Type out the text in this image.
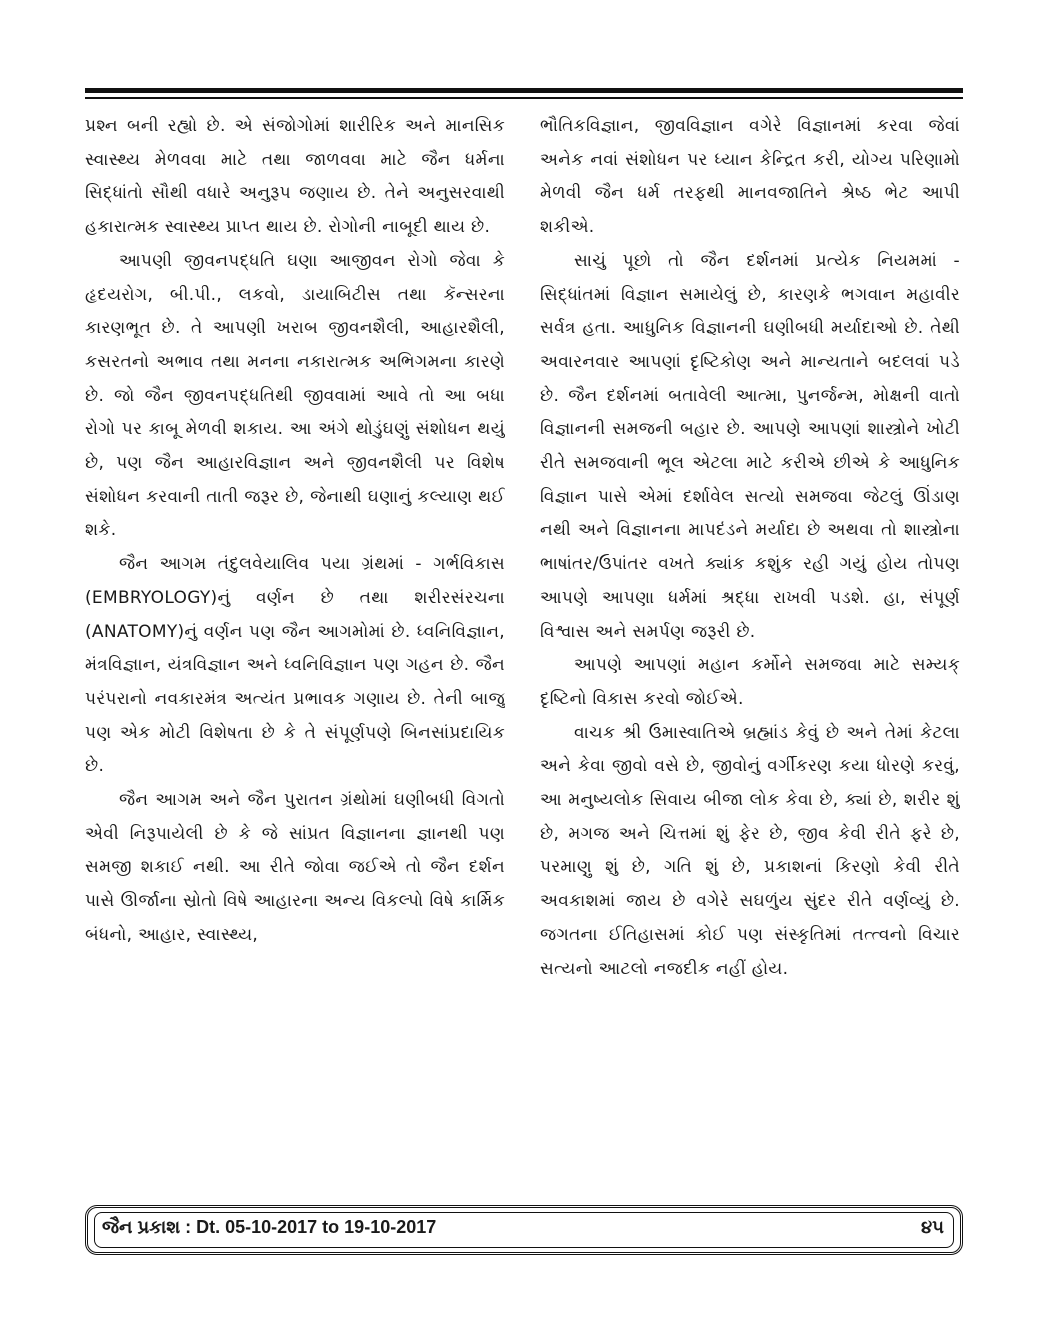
પ્રશ્ન બની રહ્યો છે. એ સંજોગોમાં શારીરિક અને માનસિક સ્વાસ્થ્ય મેળવવા માટે તથા જાળવવા માટે જૈન ધર્મના સિદ્ધાંતો સૌથી વધારે અનુરૂપ જણાય છે. તેને અનુસરવાથી હકારાત્મક સ્વાસ્થ્ય પ્રાપ્ત થાય છે. રોગોની નાબૂદી થાય છે.

આપણી જીવનપદ્ધતિ ઘણા આજીવન રોગો જેવા કે હૃદયરોગ, બી.પી., લકવો, ડાયાબિટીસ તથા કૅન્સરના કારણભૂત છે. તે આપણી ખરાબ જીવનશૈલી, આહારશૈલી, કસરતનો અભાવ તથા મનના નકારાત્મક અભિગમના કારણે છે. જો જૈન જીવનપદ્ધતિથી જીવવામાં આવે તો આ બધા રોગો પર કાબૂ મેળવી શકાય. આ અંગે થોડુંઘણું સંશોધન થયું છે, પણ જૈન આહારવિજ્ઞાન અને જીવનશૈલી પર વિશેષ સંશોધન કરવાની તાતી જરૂર છે, જેનાથી ઘણાનું કલ્યાણ થઈ શકે.

જૈન આગમ તંદુલવેયાલિવ પયા ગ્રંથમાં - ગર્ભવિકાસ (EMBRYOLOGY)નું વર્ણન છે તથા શરીરસંરચના (ANATOMY)નું વર્ણન પણ જૈન આગમોમાં છે. ધ્વનિવિજ્ઞાન, મંત્રવિજ્ઞાન, યંત્રવિજ્ઞાન અને ધ્વનિવિજ્ઞાન પણ ગહન છે. જૈન પરંપરાનો નવકારમંત્ર અત્યંત પ્રભાવક ગણાય છે. તેની બાજુ પણ એક મોટી વિશેષતા છે કે તે સંપૂર્ણપણે બિનસાંપ્રદાયિક છે.

જૈન આગમ અને જૈન પુરાતન ગ્રંથોમાં ઘણીબધી વિગતો એવી નિરૂપાયેલી છે કે જે સાંપ્રત વિજ્ઞાનના જ્ઞાનથી પણ સમજી શકાઈ નથી. આ રીતે જોવા જઈએ તો જૈન દર્શન પાસે ઊર્જાના સ્રોતો વિષે આહારના અન્ય વિકલ્પો વિષે કાર્મિક બંધનો, આહાર, સ્વાસ્થ્ય,

ભૌતિકવિજ્ઞાન, જીવવિજ્ઞાન વગેરે વિજ્ઞાનમાં કરવા જેવાં અનેક નવાં સંશોધન પર ધ્યાન કેન્દ્રિત કરી, યોગ્ય પરિણામો મેળવી જૈન ધર્મ તરફથી માનવજાતિને શ્રેષ્ઠ ભેટ આપી શકીએ.

સાચું પૂછો તો જૈન દર્શનમાં પ્રત્યેક નિયમમાં - સિદ્ધાંતમાં વિજ્ઞાન સમાયેલું છે, કારણકે ભગવાન મહાવીર સર્વત્ર હતા. આધુનિક વિજ્ઞાનની ઘણીબધી મર્યાદાઓ છે. તેથી અવારનવાર આપણાં દૃષ્ટિકોણ અને માન્યતાને બદલવાં પડે છે. જૈન દર્શનમાં બતાવેલી આત્મા, પુનર્જન્મ, મોક્ષની વાતો વિજ્ઞાનની સમજની બહાર છે. આપણે આપણાં શાસ્ત્રોને ખોટી રીતે સમજવાની ભૂલ એટલા માટે કરીએ છીએ કે આધુનિક વિજ્ઞાન પાસે એમાં દર્શાવેલ સત્યો સમજવા જેટલું ઊંડાણ નથી અને વિજ્ઞાનના માપદંડને મર્યાદા છે અથવા તો શાસ્ત્રોના ભાષાંતર/ઉપાંતર વખતે ક્યાંક કશુંક રહી ગયું હોય તોપણ આપણે આપણા ધર્મમાં શ્રદ્ધા રાખવી પડશે. હા, સંપૂર્ણ વિશ્વાસ અને સમર્પણ જરૂરી છે.

આપણે આપણાં મહાન કર્મોને સમજવા માટે સમ્યક્ દૃષ્ટિનો વિકાસ કરવો જોઈએ.

વાચક શ્રી ઉમાસ્વાતિએ બ્રહ્માંડ કેવું છે અને તેમાં કેટલા અને કેવા જીવો વસે છે, જીવોનું વર્ગીકરણ કયા ધોરણે કરવું, આ મનુષ્યલોક સિવાય બીજા લોક કેવા છે, ક્યાં છે, શરીર શું છે, મગજ અને ચિત્તમાં શું ફેર છે, જીવ કેવી રીતે ફરે છે, પરમાણુ શું છે, ગતિ શું છે, પ્રકાશનાં કિરણો કેવી રીતે અવકાશમાં જાય છે વગેરે સઘળુંય સુંદર રીતે વર્ણવ્યું છે. જગતના ઈતિહાસમાં કોઈ પણ સંસ્કૃતિમાં તત્ત્વનો વિચાર સત્યનો આટલો નજદીક નહીં હોય.

જૈન પ્રકાશ : Dt. 05-10-2017 to 19-10-2017	૪૫
